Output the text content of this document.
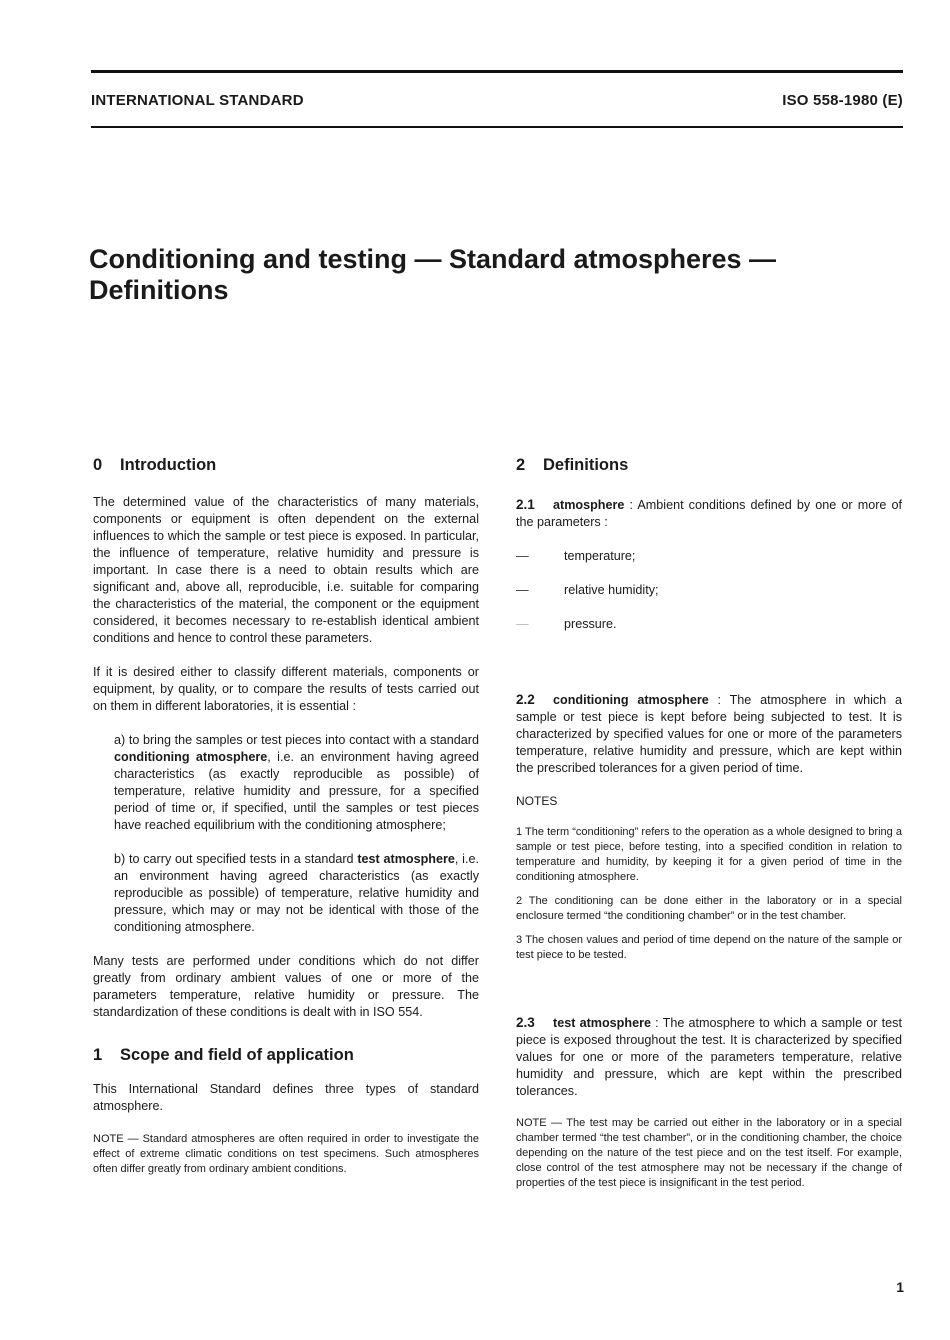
INTERNATIONAL STANDARD	ISO 558-1980 (E)
Conditioning and testing — Standard atmospheres —
Definitions
0 Introduction

The determined value of the characteristics of many materials, components or equipment is often dependent on the external influences to which the sample or test piece is exposed. In particular, the influence of temperature, relative humidity and pressure is important. In case there is a need to obtain results which are significant and, above all, reproducible, i.e. suitable for comparing the characteristics of the material, the component or the equipment considered, it becomes necessary to re-establish identical ambient conditions and hence to control these parameters.

If it is desired either to classify different materials, components or equipment, by quality, or to compare the results of tests carried out on them in different laboratories, it is essential :

a) to bring the samples or test pieces into contact with a standard conditioning atmosphere, i.e. an environment having agreed characteristics (as exactly reproducible as possible) of temperature, relative humidity and pressure, for a specified period of time or, if specified, until the samples or test pieces have reached equilibrium with the conditioning atmosphere;

b) to carry out specified tests in a standard test atmosphere, i.e. an environment having agreed characteristics (as exactly reproducible as possible) of temperature, relative humidity and pressure, which may or may not be identical with those of the conditioning atmosphere.

Many tests are performed under conditions which do not differ greatly from ordinary ambient values of one or more of the parameters temperature, relative humidity or pressure. The standardization of these conditions is dealt with in ISO 554.

1 Scope and field of application

This International Standard defines three types of standard atmosphere.

NOTE — Standard atmospheres are often required in order to investigate the effect of extreme climatic conditions on test specimens. Such atmospheres often differ greatly from ordinary ambient conditions.

2 Definitions

2.1 atmosphere : Ambient conditions defined by one or more of the parameters :

—	temperature;

—	relative humidity;

—	pressure.

2.2 conditioning atmosphere : The atmosphere in which a sample or test piece is kept before being subjected to test. It is characterized by specified values for one or more of the parameters temperature, relative humidity and pressure, which are kept within the prescribed tolerances for a given period of time.

NOTES

1 The term “conditioning” refers to the operation as a whole designed to bring a sample or test piece, before testing, into a specified condition in relation to temperature and humidity, by keeping it for a given period of time in the conditioning atmosphere.

2 The conditioning can be done either in the laboratory or in a special enclosure termed “the conditioning chamber” or in the test chamber.

3 The chosen values and period of time depend on the nature of the sample or test piece to be tested.

2.3 test atmosphere : The atmosphere to which a sample or test piece is exposed throughout the test. It is characterized by specified values for one or more of the parameters temperature, relative humidity and pressure, which are kept within the prescribed tolerances.

NOTE — The test may be carried out either in the laboratory or in a special chamber termed “the test chamber”, or in the conditioning chamber, the choice depending on the nature of the test piece and on the test itself. For example, close control of the test atmosphere may not be necessary if the change of properties of the test piece is insignificant in the test period.

1
